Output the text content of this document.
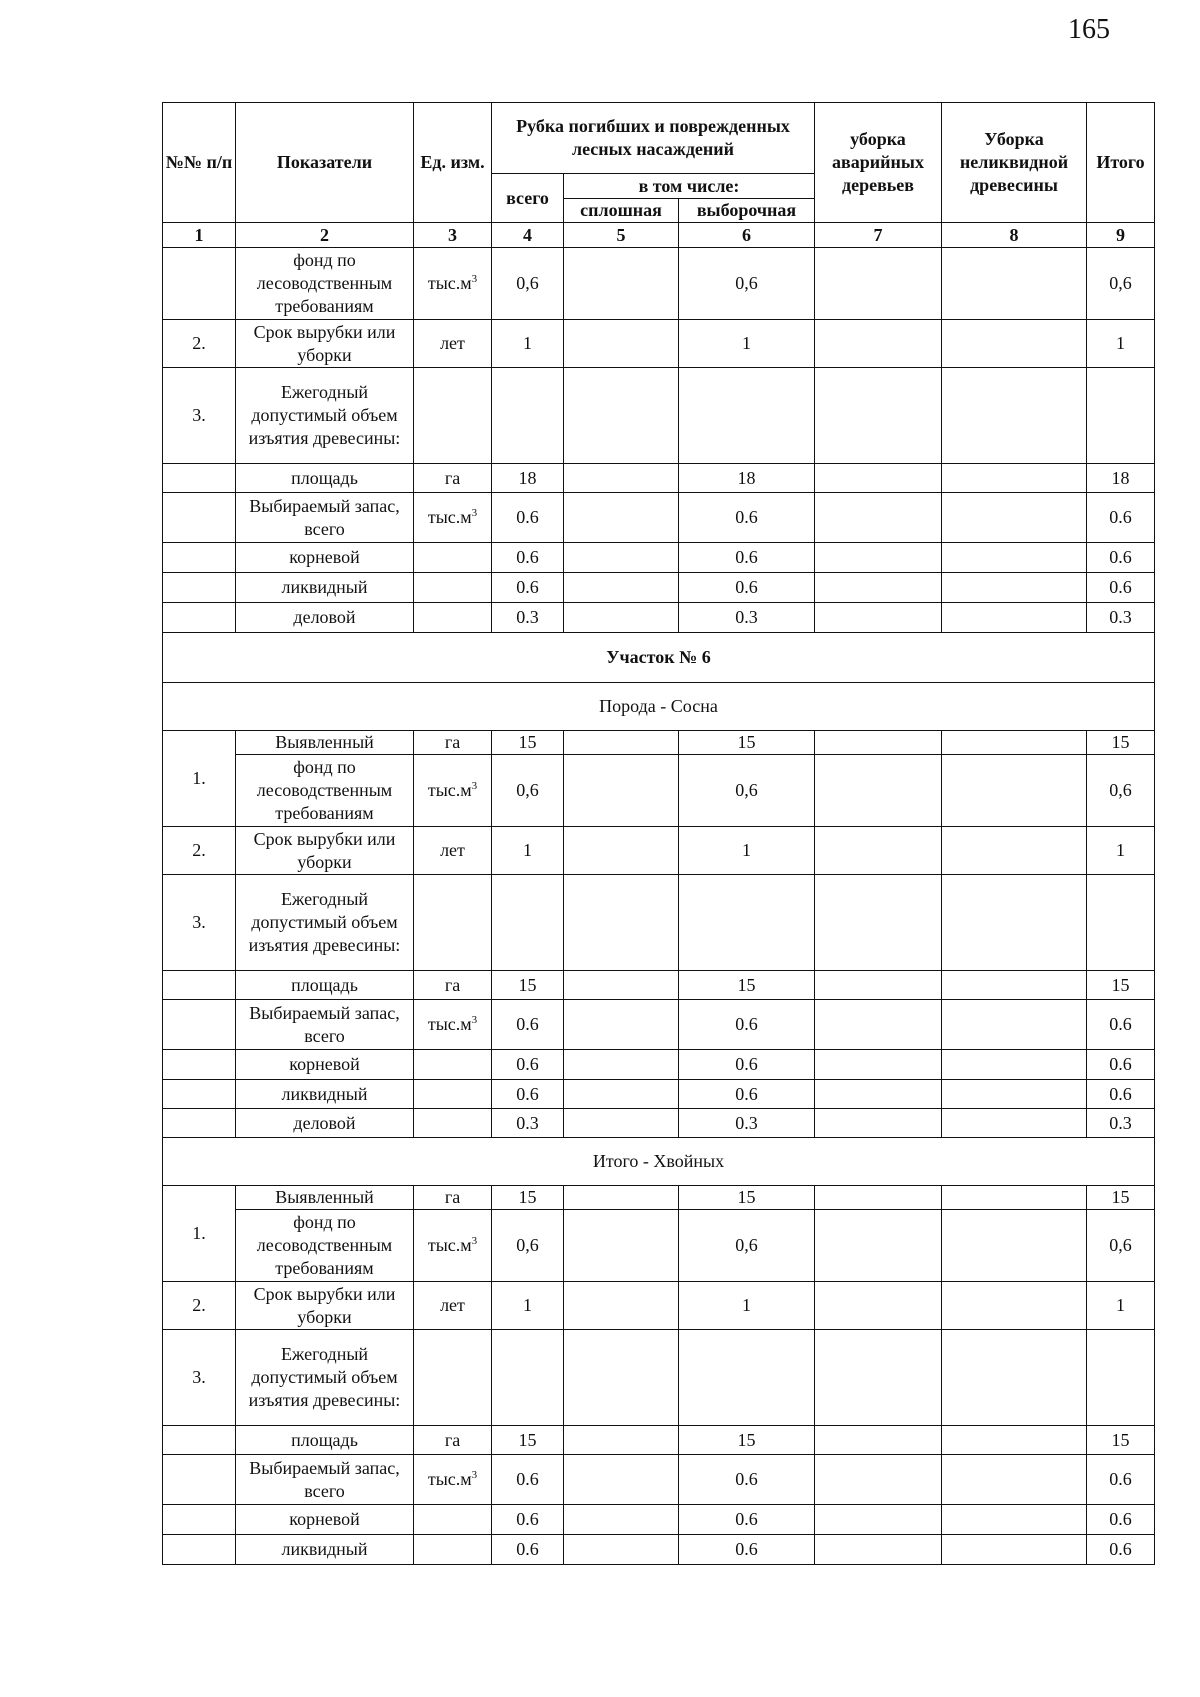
165
№№ п/п	Показатели	Ед. изм.	Рубка погибших и поврежденных лесных насаждений			уборка аварийных деревьев	Уборка неликвидной древесины	Итого
			всего	в том числе:				
				сплошная	выборочная			
1	2	3	4	5	6	7	8	9
	фонд по лесоводственным требованиям	$тыс.м^3$	0,6		0,6			0,6
2.	Срок вырубки или уборки	лет	1		1			1
3.	Ежегодный допустимый объем изъятия древесины:							
	площадь	га	18		18			18
	Выбираемый запас, всего	$тыс.м^3$	0.6		0.6			0.6
	корневой		0.6		0.6			0.6
	ликвидный		0.6		0.6			0.6
	деловой		0.3		0.3			0.3
Участок № 6								
Порода - Сосна								
1.	Выявленный	га	15		15			15
	фонд по лесоводственным требованиям	$тыс.м^3$	0,6		0,6			0,6
2.	Срок вырубки или уборки	лет	1		1			1
3.	Ежегодный допустимый объем изъятия древесины:							
	площадь	га	15		15			15
	Выбираемый запас, всего	$тыс.м^3$	0.6		0.6			0.6
	корневой		0.6		0.6			0.6
	ликвидный		0.6		0.6			0.6
	деловой		0.3		0.3			0.3
Итого - Хвойных								
1.	Выявленный	га	15		15			15
	фонд по лесоводственным требованиям	$тыс.м^3$	0,6		0,6			0,6
2.	Срок вырубки или уборки	лет	1		1			1
3.	Ежегодный допустимый объем изъятия древесины:							
	площадь	га	15		15			15
	Выбираемый запас, всего	$тыс.м^3$	0.6		0.6			0.6
	корневой		0.6		0.6			0.6
	ликвидный		0.6		0.6			0.6
